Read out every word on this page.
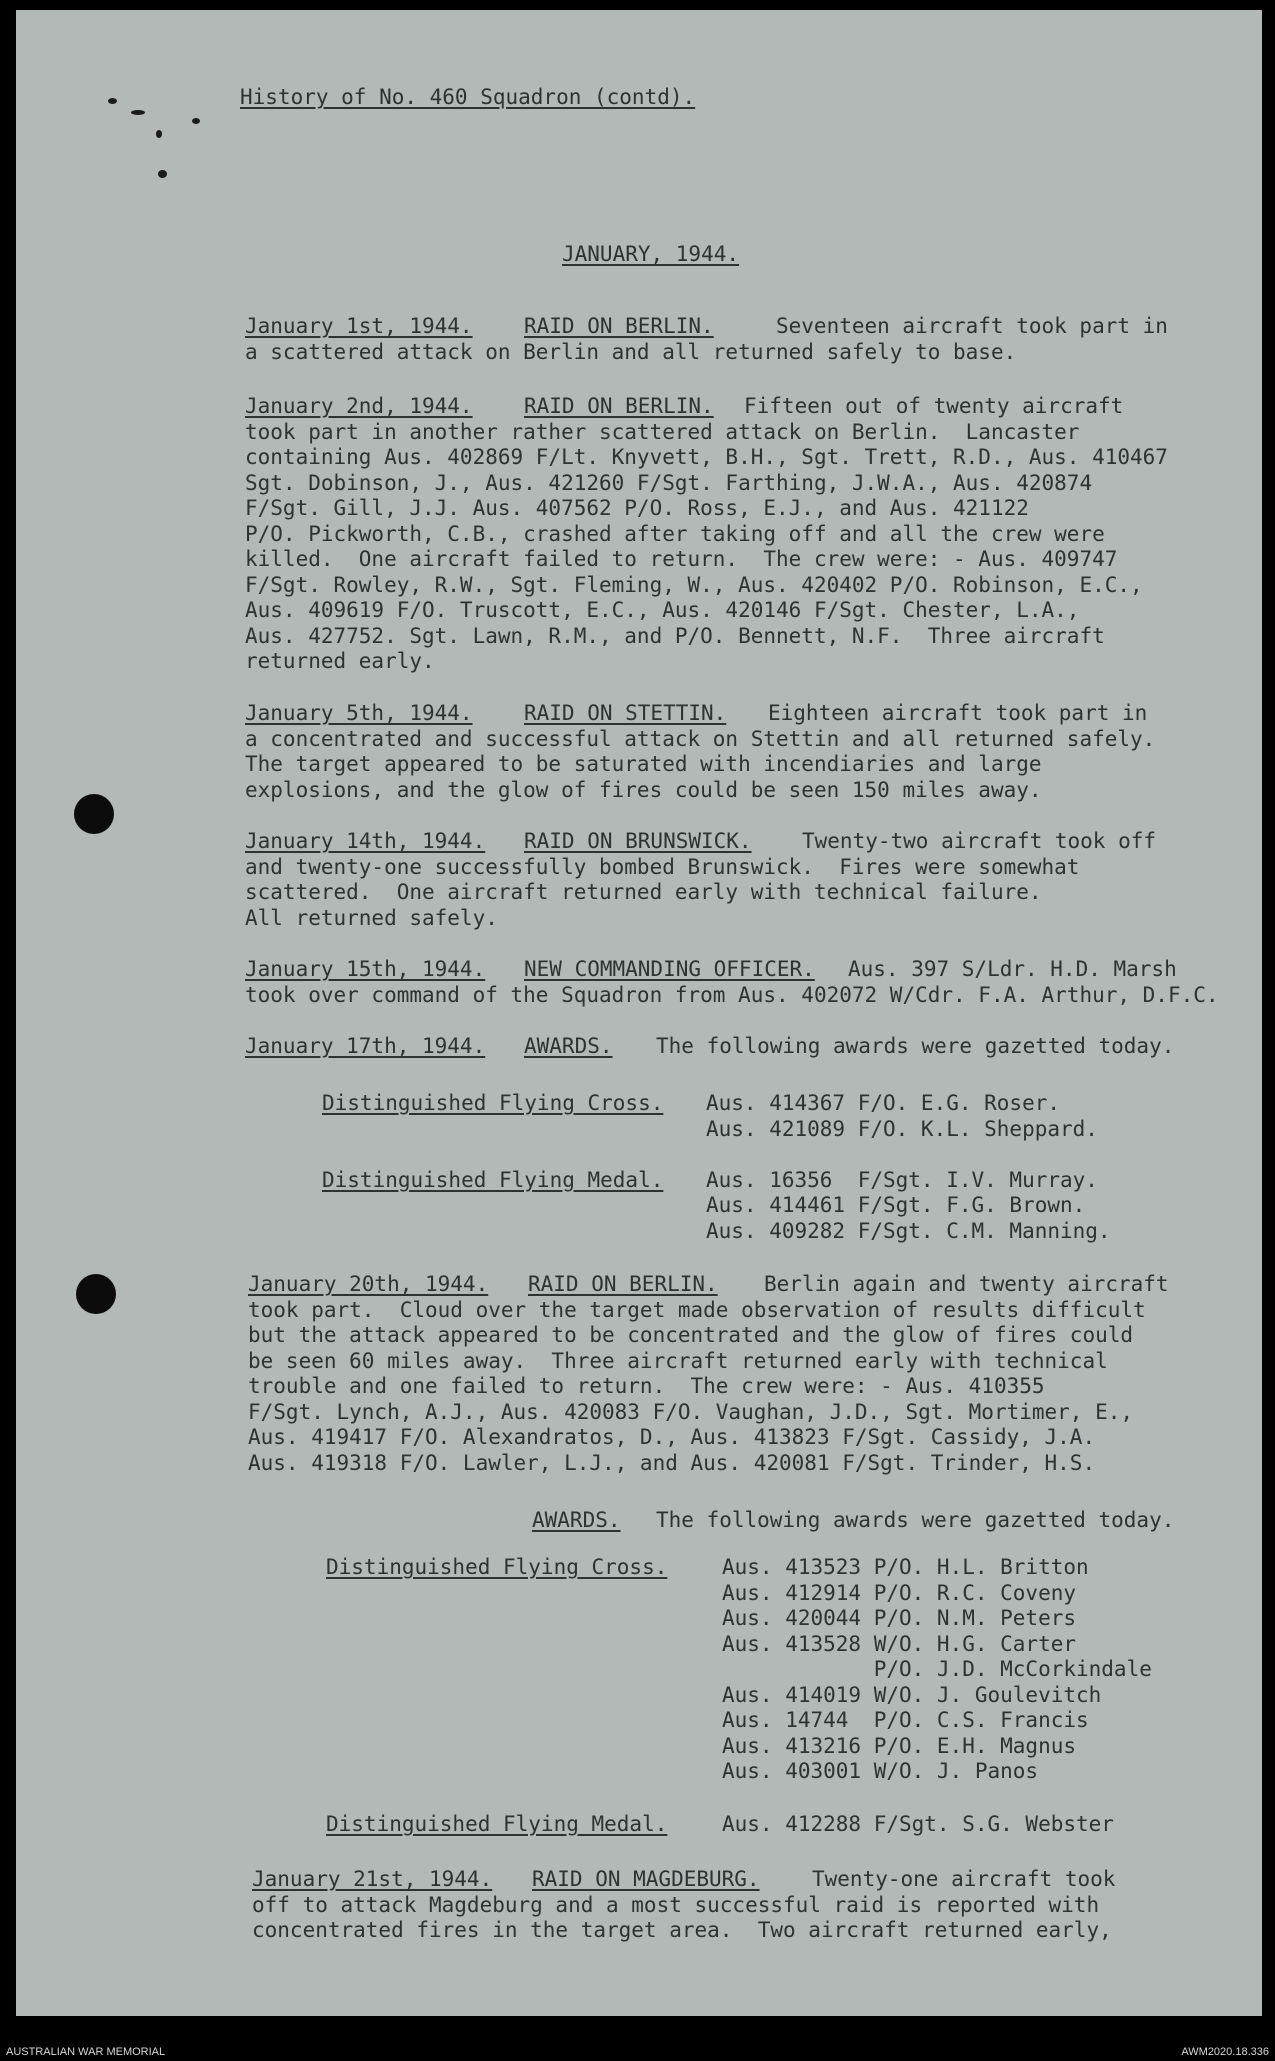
History of No. 460 Squadron (contd).
JANUARY, 1944.
January 1st, 1944. RAID ON BERLIN.	Seventeen aircraft took part in
a scattered attack on Berlin and all returned safely to base.
January 2nd, 1944. RAID ON BERLIN. Fifteen out of twenty aircraft
took part in another rather scattered attack on Berlin.  Lancaster
containing Aus. 402869 F/Lt. Knyvett, B.H., Sgt. Trett, R.D., Aus. 410467
Sgt. Dobinson, J., Aus. 421260 F/Sgt. Farthing, J.W.A., Aus. 420874
F/Sgt. Gill, J.J. Aus. 407562 P/O. Ross, E.J., and Aus. 421122
P/O. Pickworth, C.B., crashed after taking off and all the crew were
killed.  One aircraft failed to return.  The crew were: - Aus. 409747
F/Sgt. Rowley, R.W., Sgt. Fleming, W., Aus. 420402 P/O. Robinson, E.C.,
Aus. 409619 F/O. Truscott, E.C., Aus. 420146 F/Sgt. Chester, L.A.,
Aus. 427752. Sgt. Lawn, R.M., and P/O. Bennett, N.F.  Three aircraft
returned early.
January 5th, 1944. RAID ON STETTIN. Eighteen aircraft took part in
a concentrated and successful attack on Stettin and all returned safely.
The target appeared to be saturated with incendiaries and large
explosions, and the glow of fires could be seen 150 miles away.
January 14th, 1944. RAID ON BRUNSWICK. Twenty-two aircraft took off
and twenty-one successfully bombed Brunswick.  Fires were somewhat
scattered.  One aircraft returned early with technical failure.
All returned safely.
January 15th, 1944. NEW COMMANDING OFFICER. Aus. 397 S/Ldr. H.D. Marsh
took over command of the Squadron from Aus. 402072 W/Cdr. F.A. Arthur, D.F.C.
January 17th, 1944. AWARDS. The following awards were gazetted today.
Distinguished Flying Cross. Aus. 414367 F/O. E.G. Roser.
Aus. 421089 F/O. K.L. Sheppard.
Distinguished Flying Medal. Aus. 16356  F/Sgt. I.V. Murray.
Aus. 414461 F/Sgt. F.G. Brown.
Aus. 409282 F/Sgt. C.M. Manning.
January 20th, 1944. RAID ON BERLIN. Berlin again and twenty aircraft
took part.  Cloud over the target made observation of results difficult
but the attack appeared to be concentrated and the glow of fires could
be seen 60 miles away.  Three aircraft returned early with technical
trouble and one failed to return.  The crew were: - Aus. 410355
F/Sgt. Lynch, A.J., Aus. 420083 F/O. Vaughan, J.D., Sgt. Mortimer, E.,
Aus. 419417 F/O. Alexandratos, D., Aus. 413823 F/Sgt. Cassidy, J.A.
Aus. 419318 F/O. Lawler, L.J., and Aus. 420081 F/Sgt. Trinder, H.S.
AWARDS. The following awards were gazetted today.
Distinguished Flying Cross.	Aus. 413523 P/O. H.L. Britton
Aus. 412914 P/O. R.C. Coveny
Aus. 420044 P/O. N.M. Peters
Aus. 413528 W/O. H.G. Carter
P/O. J.D. McCorkindale
Aus. 414019 W/O. J. Goulevitch
Aus. 14744  P/O. C.S. Francis
Aus. 413216 P/O. E.H. Magnus
Aus. 403001 W/O. J. Panos
Distinguished Flying Medal.	Aus. 412288 F/Sgt. S.G. Webster
January 21st, 1944. RAID ON MAGDEBURG. Twenty-one aircraft took
off to attack Magdeburg and a most successful raid is reported with
concentrated fires in the target area.  Two aircraft returned early,
AUSTRALIAN WAR MEMORIAL	AWM2020.18.336
